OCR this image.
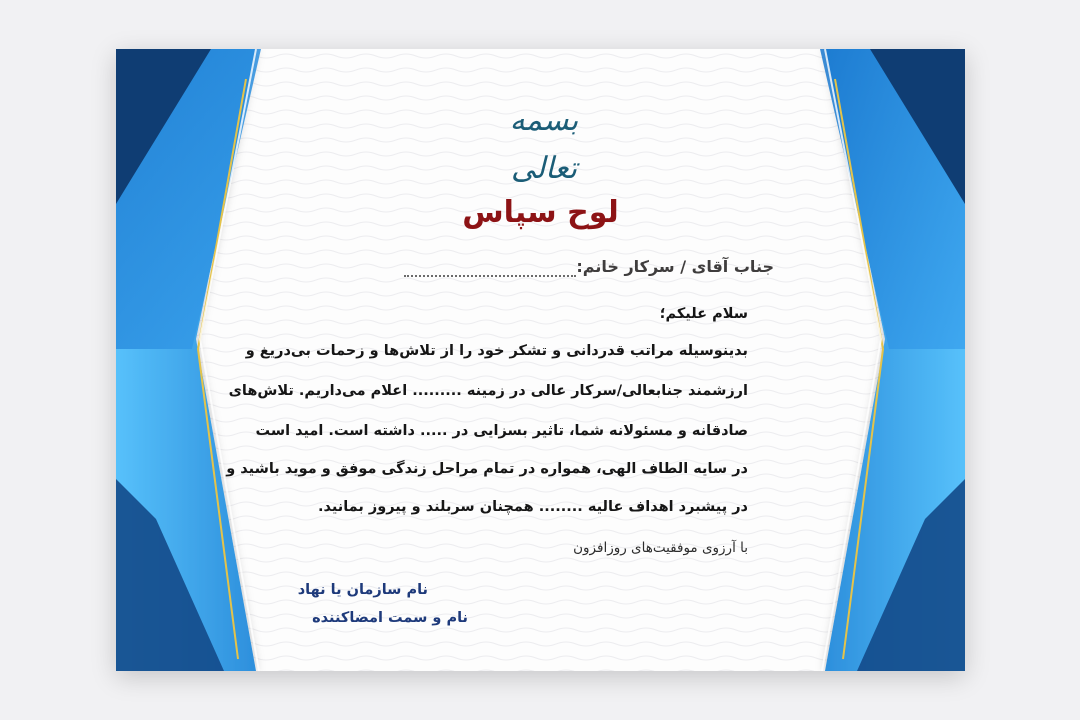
بسمه تعالی
لوح سپاس
جناب آقای / سرکار خانم:
سلام علیکم؛
بدینوسیله مراتب قدردانی و تشکر خود را از تلاش‌ها و زحمات بی‌دریغ و
ارزشمند جنابعالی/سرکار عالی در زمینه ......... اعلام می‌داریم. تلاش‌های
صادقانه و مسئولانه شما، تاثیر بسزایی در ..... داشته است. امید است
در سایه الطاف الهی، همواره در تمام مراحل زندگی موفق و موید باشید و
در پیشبرد اهداف عالیه ........ همچنان سربلند و پیروز بمانید.
با آرزوی موفقیت‌های روزافزون
نام سازمان یا نهاد
نام و سمت امضاکننده
